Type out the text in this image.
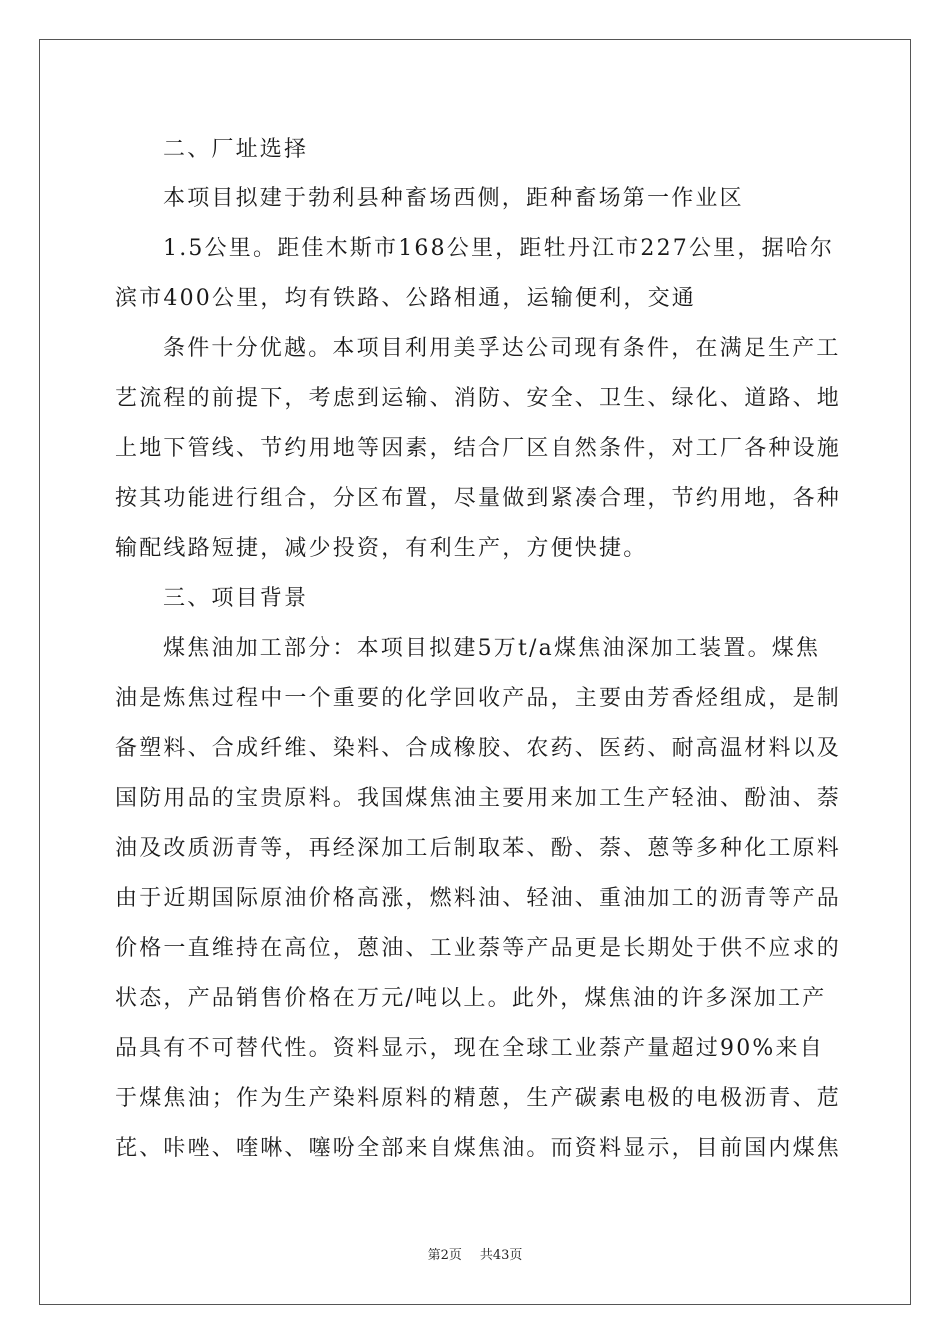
二、厂址选择
本项目拟建于勃利县种畜场西侧，距种畜场第一作业区
1.5公里。距佳木斯市168公里，距牡丹江市227公里，据哈尔
滨市400公里，均有铁路、公路相通，运输便利，交通
条件十分优越。本项目利用美孚达公司现有条件，在满足生产工
艺流程的前提下，考虑到运输、消防、安全、卫生、绿化、道路、地
上地下管线、节约用地等因素，结合厂区自然条件，对工厂各种设施
按其功能进行组合，分区布置，尽量做到紧凑合理，节约用地，各种
输配线路短捷，减少投资，有利生产，方便快捷。
三、项目背景
煤焦油加工部分：本项目拟建5万t/a煤焦油深加工装置。煤焦
油是炼焦过程中一个重要的化学回收产品，主要由芳香烃组成，是制
备塑料、合成纤维、染料、合成橡胶、农药、医药、耐高温材料以及
国防用品的宝贵原料。我国煤焦油主要用来加工生产轻油、酚油、萘
油及改质沥青等，再经深加工后制取苯、酚、萘、蒽等多种化工原料
由于近期国际原油价格高涨，燃料油、轻油、重油加工的沥青等产品
价格一直维持在高位，蒽油、工业萘等产品更是长期处于供不应求的
状态，产品销售价格在万元/吨以上。此外，煤焦油的许多深加工产
品具有不可替代性。资料显示，现在全球工业萘产量超过90%来自
于煤焦油；作为生产染料原料的精蒽，生产碳素电极的电极沥青、苊
芘、咔唑、喹啉、噻吩全部来自煤焦油。而资料显示，目前国内煤焦
第2页 共43页
